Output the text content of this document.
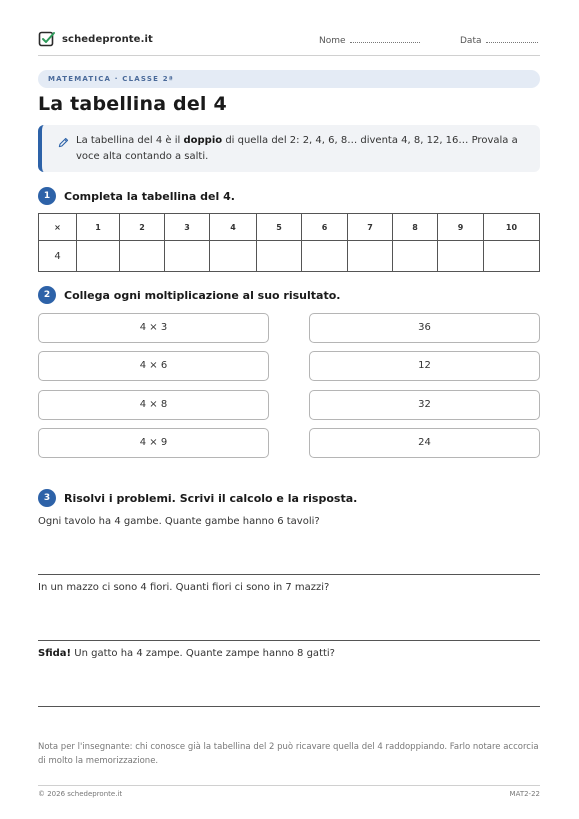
schedepronte.it	Nome	Data
MATEMATICA · CLASSE 2ª
La tabellina del 4
La tabellina del 4 è il doppio di quella del 2: 2, 4, 6, 8… diventa 4, 8, 12, 16… Provala a voce alta contando a salti.
1	Completa la tabellina del 4.
×	1	2	3	4	5	6	7	8	9	10
4										
2	Collega ogni moltiplicazione al suo risultato.
4 × 3
4 × 6
4 × 8
4 × 9
36
12
32
24
3	Risolvi i problemi. Scrivi il calcolo e la risposta.
Ogni tavolo ha 4 gambe. Quante gambe hanno 6 tavoli?
In un mazzo ci sono 4 fiori. Quanti fiori ci sono in 7 mazzi?
Sfida! Un gatto ha 4 zampe. Quante zampe hanno 8 gatti?
Nota per l'insegnante: chi conosce già la tabellina del 2 può ricavare quella del 4 raddoppiando. Farlo notare accorcia di molto la memorizzazione.
© 2026 schedepronte.it	MAT2-22
